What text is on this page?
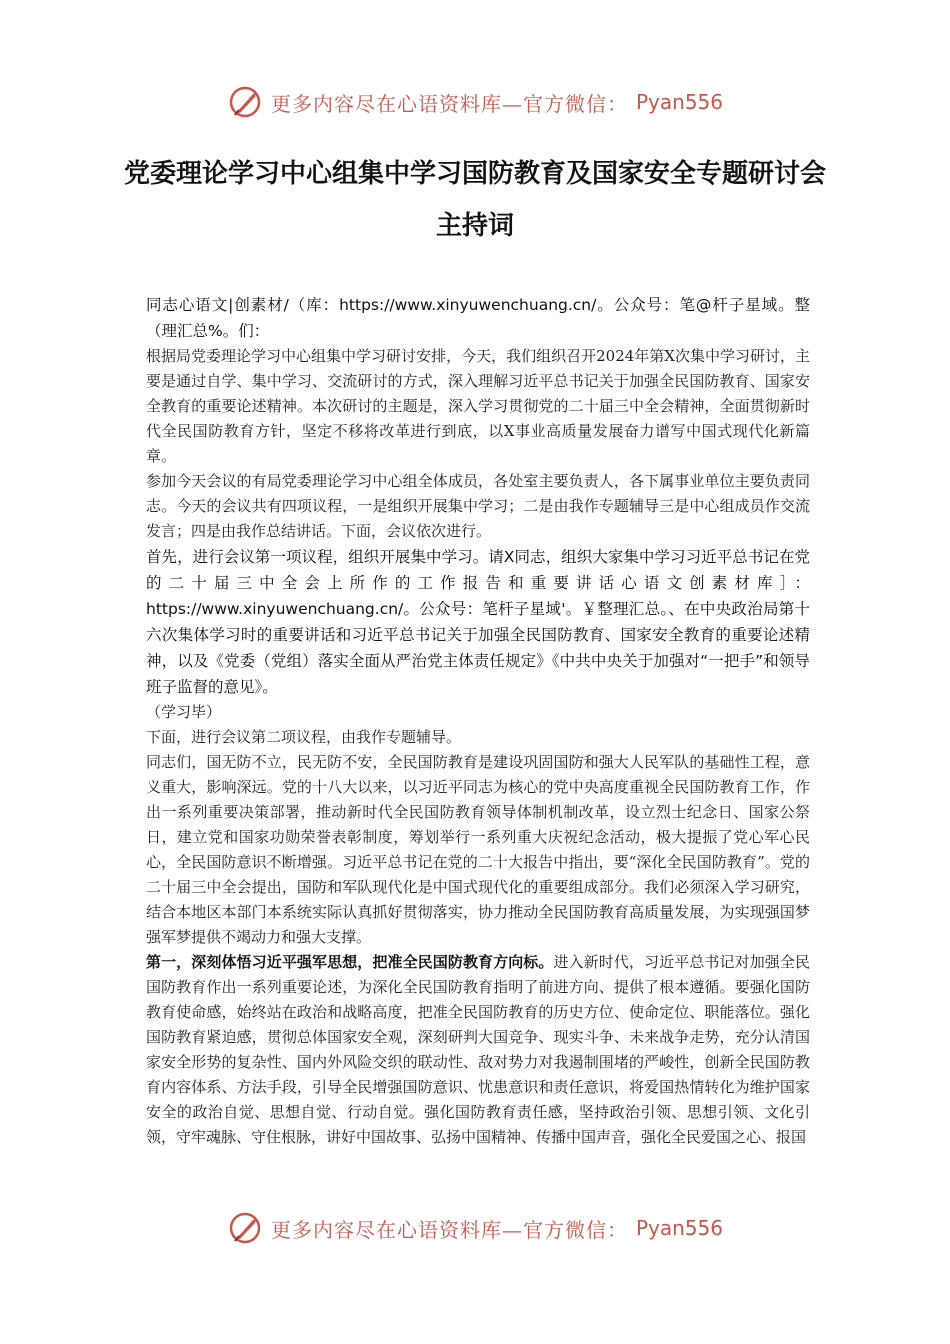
更多内容尽在心语资料库—官方微信： Pyan556
党委理论学习中心组集中学习国防教育及国家安全专题研讨会主持词

同志心语文|创素材/（库：https://www.xinyuwenchuang.cn/。公众号：笔@杆子星域。整（理汇总%。们：

根据局党委理论学习中心组集中学习研讨安排，今天，我们组织召开2024年第X次集中学习研讨，主要是通过自学、集中学习、交流研讨的方式，深入理解习近平总书记关于加强全民国防教育、国家安全教育的重要论述精神。本次研讨的主题是，深入学习贯彻党的二十届三中全会精神，全面贯彻新时代全民国防教育方针，坚定不移将改革进行到底，以X事业高质量发展奋力谱写中国式现代化新篇章。

参加今天会议的有局党委理论学习中心组全体成员，各处室主要负责人，各下属事业单位主要负责同志。今天的会议共有四项议程，一是组织开展集中学习；二是由我作专题辅导三是中心组成员作交流发言；四是由我作总结讲话。下面，会议依次进行。

首先，进行会议第一项议程，组织开展集中学习。请X同志，组织大家集中学习习近平总书记在党的二十届三中全会上所作的工作报告和重要讲话心语文创素材库］：https://www.xinyuwenchuang.cn/。公众号：笔杆子星域'。￥整理汇总。、在中央政治局第十六次集体学习时的重要讲话和习近平总书记关于加强全民国防教育、国家安全教育的重要论述精神，以及《党委（党组）落实全面从严治党主体责任规定》《中共中央关于加强对“一把手”和领导班子监督的意见》。

（学习毕）

下面，进行会议第二项议程，由我作专题辅导。

同志们，国无防不立，民无防不安，全民国防教育是建设巩固国防和强大人民军队的基础性工程，意义重大，影响深远。党的十八大以来，以习近平同志为核心的党中央高度重视全民国防教育工作，作出一系列重要决策部署，推动新时代全民国防教育领导体制机制改革，设立烈士纪念日、国家公祭日，建立党和国家功勋荣誉表彰制度，筹划举行一系列重大庆祝纪念活动，极大提振了党心军心民心，全民国防意识不断增强。习近平总书记在党的二十大报告中指出，要“深化全民国防教育”。党的二十届三中全会提出，国防和军队现代化是中国式现代化的重要组成部分。我们必须深入学习研究，结合本地区本部门本系统实际认真抓好贯彻落实，协力推动全民国防教育高质量发展，为实现强国梦强军梦提供不竭动力和强大支撑。

第一，深刻体悟习近平强军思想，把准全民国防教育方向标。进入新时代，习近平总书记对加强全民国防教育作出一系列重要论述，为深化全民国防教育指明了前进方向、提供了根本遵循。要强化国防教育使命感，始终站在政治和战略高度，把准全民国防教育的历史方位、使命定位、职能落位。强化国防教育紧迫感，贯彻总体国家安全观，深刻研判大国竞争、现实斗争、未来战争走势，充分认清国家安全形势的复杂性、国内外风险交织的联动性、敌对势力对我遏制围堵的严峻性，创新全民国防教育内容体系、方法手段，引导全民增强国防意识、忧患意识和责任意识，将爱国热情转化为维护国家安全的政治自觉、思想自觉、行动自觉。强化国防教育责任感，坚持政治引领、思想引领、文化引领，守牢魂脉、守住根脉，讲好中国故事、弘扬中国精神、传播中国声音，强化全民爱国之心、报国

更多内容尽在心语资料库—官方微信： Pyan556
